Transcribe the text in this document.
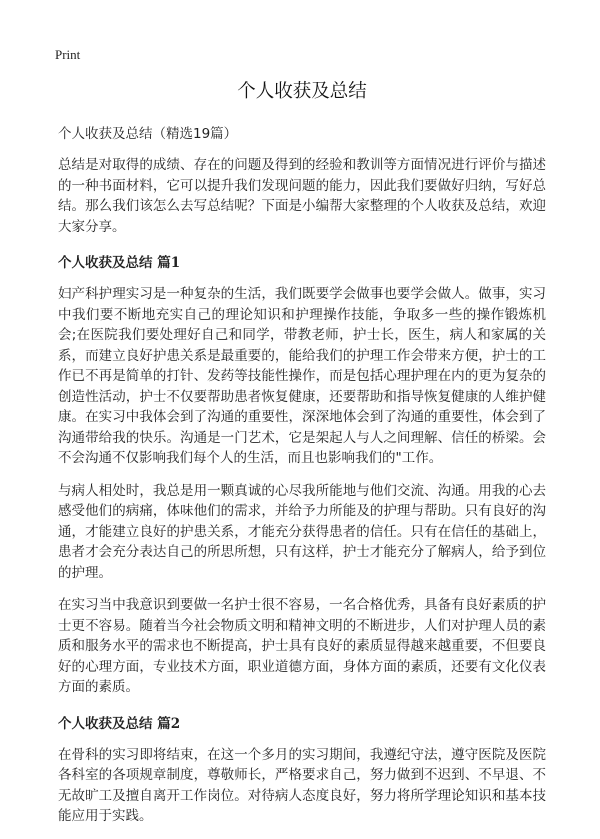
Print
个人收获及总结

个人收获及总结（精选19篇）

总结是对取得的成绩、存在的问题及得到的经验和教训等方面情况进行评价与描述的一种书面材料，它可以提升我们发现问题的能力，因此我们要做好归纳，写好总结。那么我们该怎么去写总结呢？下面是小编帮大家整理的个人收获及总结，欢迎大家分享。

个人收获及总结 篇1

妇产科护理实习是一种复杂的生活，我们既要学会做事也要学会做人。做事，实习中我们要不断地充实自己的理论知识和护理操作技能，争取多一些的操作锻炼机会;在医院我们要处理好自己和同学，带教老师，护士长，医生，病人和家属的关系，而建立良好护患关系是最重要的，能给我们的护理工作会带来方便，护士的工作已不再是简单的打针、发药等技能性操作，而是包括心理护理在内的更为复杂的创造性活动，护士不仅要帮助患者恢复健康，还要帮助和指导恢复健康的人维护健康。在实习中我体会到了沟通的重要性，深深地体会到了沟通的重要性，体会到了沟通带给我的快乐。沟通是一门艺术，它是架起人与人之间理解、信任的桥梁。会不会沟通不仅影响我们每个人的生活，而且也影响我们的"工作。

与病人相处时，我总是用一颗真诚的心尽我所能地与他们交流、沟通。用我的心去感受他们的病痛，体味他们的需求，并给予力所能及的护理与帮助。只有良好的沟通，才能建立良好的护患关系，才能充分获得患者的信任。只有在信任的基础上，患者才会充分表达自己的所思所想，只有这样，护士才能充分了解病人，给予到位的护理。

在实习当中我意识到要做一名护士很不容易，一名合格优秀，具备有良好素质的护士更不容易。随着当今社会物质文明和精神文明的不断进步，人们对护理人员的素质和服务水平的需求也不断提高，护士具有良好的素质显得越来越重要，不但要良好的心理方面，专业技术方面，职业道德方面，身体方面的素质，还要有文化仪表方面的素质。

个人收获及总结 篇2

在骨科的实习即将结束，在这一个多月的实习期间，我遵纪守法，遵守医院及医院各科室的各项规章制度，尊敬师长，严格要求自己，努力做到不迟到、不早退、不无故旷工及擅自离开工作岗位。对待病人态度良好，努力将所学理论知识和基本技能应用于实践。
